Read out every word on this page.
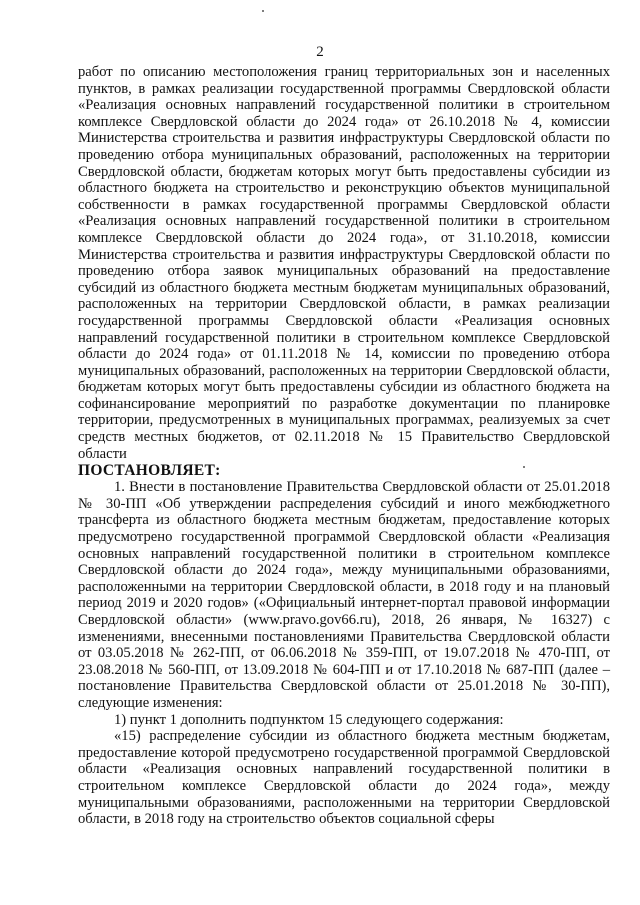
2

работ по описанию местоположения границ территориальных зон и населенных пунктов, в рамках реализации государственной программы Свердловской области «Реализация основных направлений государственной политики в строительном комплексе Свердловской области до 2024 года» от 26.10.2018 № 4, комиссии Министерства строительства и развития инфраструктуры Свердловской области по проведению отбора муниципальных образований, расположенных на территории Свердловской области, бюджетам которых могут быть предоставлены субсидии из областного бюджета на строительство и реконструкцию объектов муниципальной собственности в рамках государственной программы Свердловской области «Реализация основных направлений государственной политики в строительном комплексе Свердловской области до 2024 года», от 31.10.2018, комиссии Министерства строительства и развития инфраструктуры Свердловской области по проведению отбора заявок муниципальных образований на предоставление субсидий из областного бюджета местным бюджетам муниципальных образований, расположенных на территории Свердловской области, в рамках реализации государственной программы Свердловской области «Реализация основных направлений государственной политики в строительном комплексе Свердловской области до 2024 года» от 01.11.2018 № 14, комиссии по проведению отбора муниципальных образований, расположенных на территории Свердловской области, бюджетам которых могут быть предоставлены субсидии из областного бюджета на софинансирование мероприятий по разработке документации по планировке территории, предусмотренных в муниципальных программах, реализуемых за счет средств местных бюджетов, от 02.11.2018 № 15 Правительство Свердловской области

ПОСТАНОВЛЯЕТ:

1. Внести в постановление Правительства Свердловской области от 25.01.2018 № 30-ПП «Об утверждении распределения субсидий и иного межбюджетного трансферта из областного бюджета местным бюджетам, предоставление которых предусмотрено государственной программой Свердловской области «Реализация основных направлений государственной политики в строительном комплексе Свердловской области до 2024 года», между муниципальными образованиями, расположенными на территории Свердловской области, в 2018 году и на плановый период 2019 и 2020 годов» («Официальный интернет-портал правовой информации Свердловской области» (www.pravo.gov66.ru), 2018, 26 января, № 16327) с изменениями, внесенными постановлениями Правительства Свердловской области от 03.05.2018 № 262-ПП, от 06.06.2018 № 359-ПП, от 19.07.2018 № 470-ПП, от 23.08.2018 № 560-ПП, от 13.09.2018 № 604-ПП и от 17.10.2018 № 687-ПП (далее – постановление Правительства Свердловской области от 25.01.2018 № 30-ПП), следующие изменения:

1) пункт 1 дополнить подпунктом 15 следующего содержания:

«15) распределение субсидии из областного бюджета местным бюджетам, предоставление которой предусмотрено государственной программой Свердловской области «Реализация основных направлений государственной политики в строительном комплексе Свердловской области до 2024 года», между муниципальными образованиями, расположенными на территории Свердловской области, в 2018 году на строительство объектов социальной сферы
